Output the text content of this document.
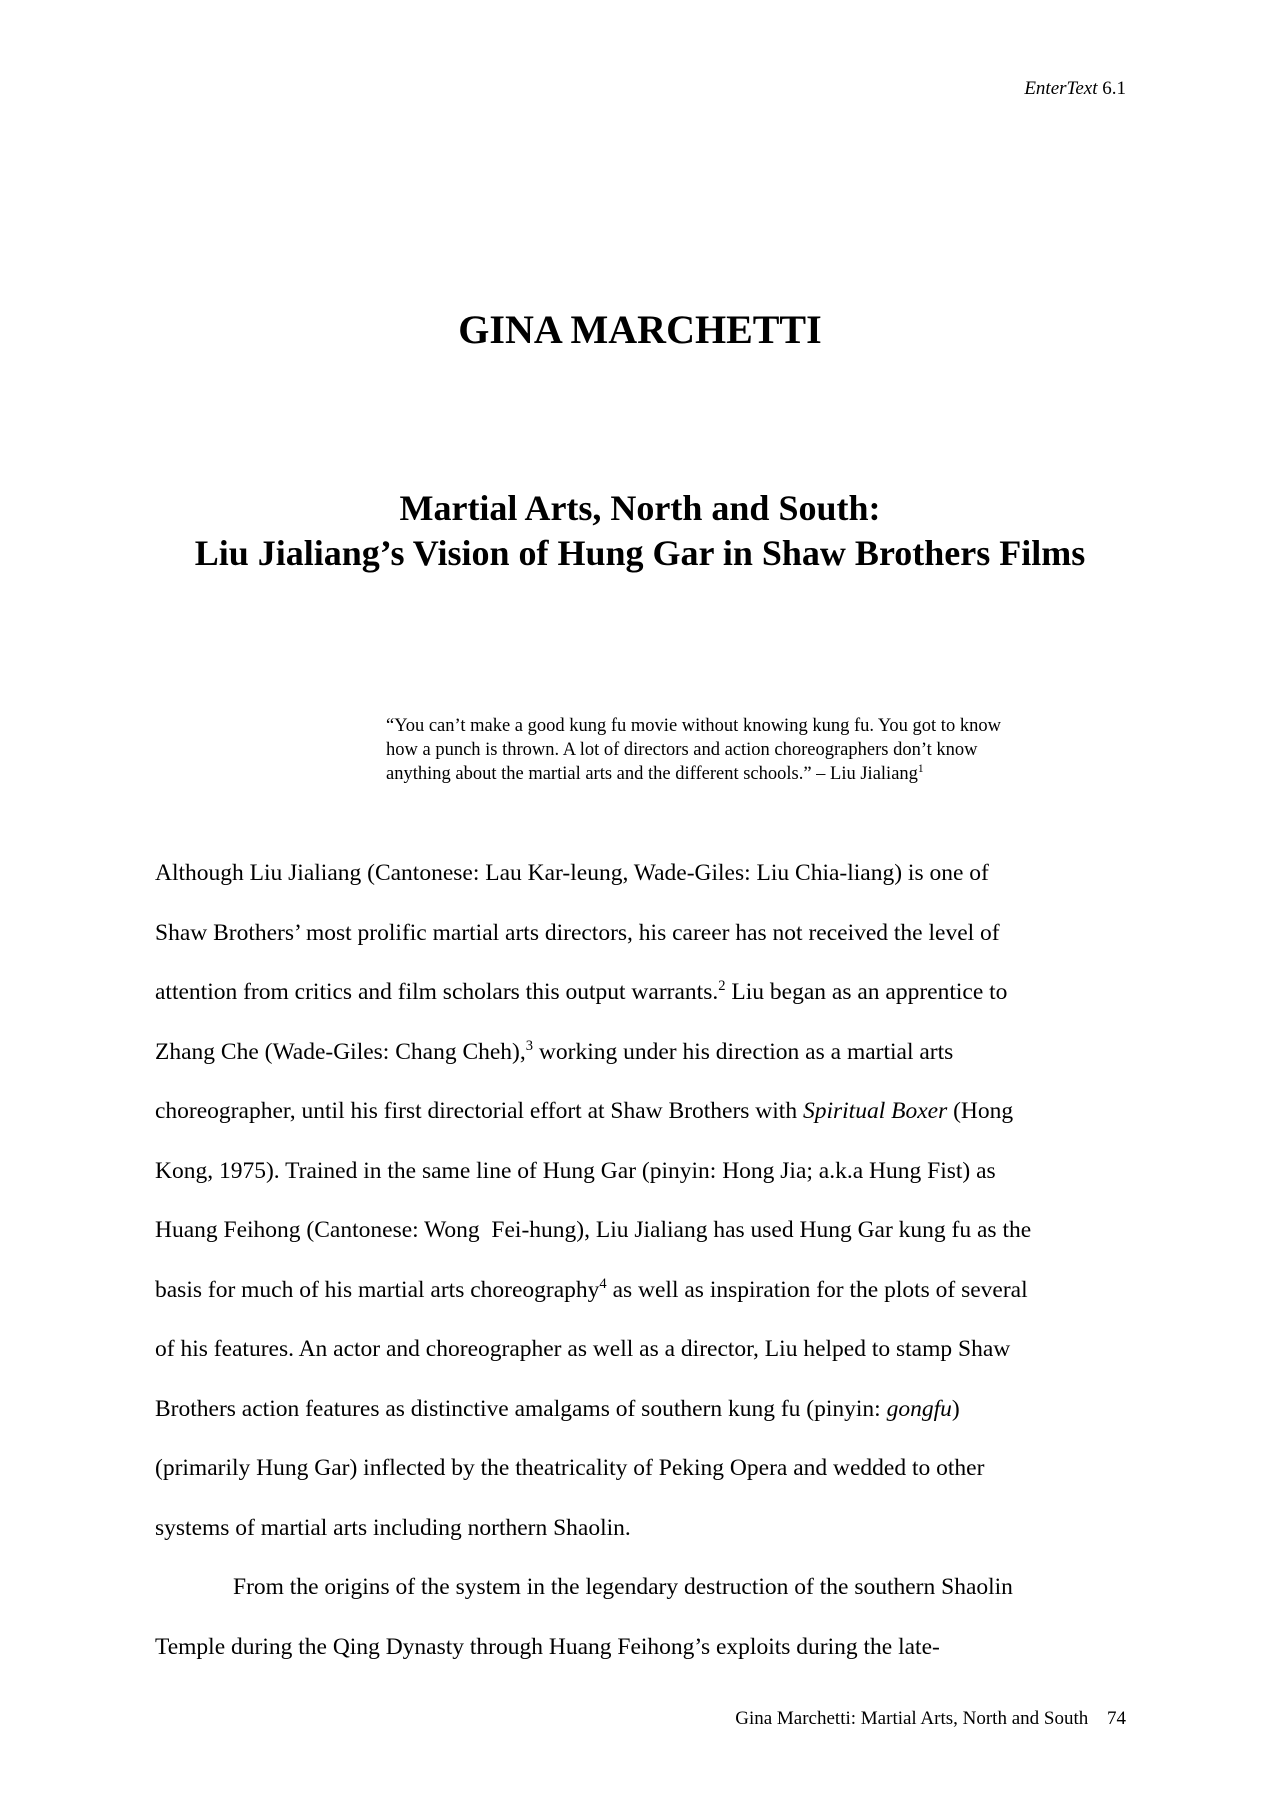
EnterText 6.1
GINA MARCHETTI
Martial Arts, North and South:
Liu Jialiang’s Vision of Hung Gar in Shaw Brothers Films
“You can’t make a good kung fu movie without knowing kung fu. You got to know
how a punch is thrown. A lot of directors and action choreographers don’t know
anything about the martial arts and the different schools.” – Liu Jialiang$^1$
Although Liu Jialiang (Cantonese: Lau Kar-leung, Wade-Giles: Liu Chia-liang) is one of
Shaw Brothers’ most prolific martial arts directors, his career has not received the level of
attention from critics and film scholars this output warrants.$^2$ Liu began as an apprentice to
Zhang Che (Wade-Giles: Chang Cheh),$^3$ working under his direction as a martial arts
choreographer, until his first directorial effort at Shaw Brothers with Spiritual Boxer (Hong
Kong, 1975). Trained in the same line of Hung Gar (pinyin: Hong Jia; a.k.a Hung Fist) as
Huang Feihong (Cantonese: Wong  Fei-hung), Liu Jialiang has used Hung Gar kung fu as the
basis for much of his martial arts choreography$^4$ as well as inspiration for the plots of several
of his features. An actor and choreographer as well as a director, Liu helped to stamp Shaw
Brothers action features as distinctive amalgams of southern kung fu (pinyin: gongfu)
(primarily Hung Gar) inflected by the theatricality of Peking Opera and wedded to other
systems of martial arts including northern Shaolin.
From the origins of the system in the legendary destruction of the southern Shaolin
Temple during the Qing Dynasty through Huang Feihong’s exploits during the late-
Gina Marchetti: Martial Arts, North and South 74
